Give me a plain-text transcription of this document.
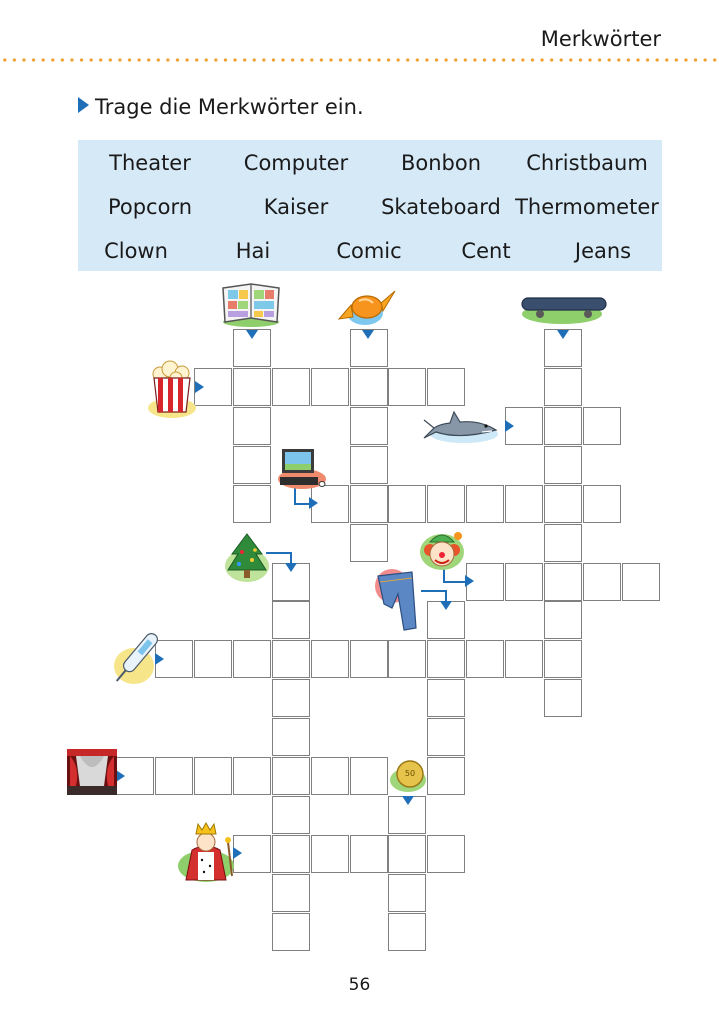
Merkwörter
Trage die Merkwörter ein.
Theater	Computer	Bonbon Christbaum
Popcorn	Kaiser	Skateboard Thermometer
Clown	Hai	Comic	Cent	Jeans
50
56
